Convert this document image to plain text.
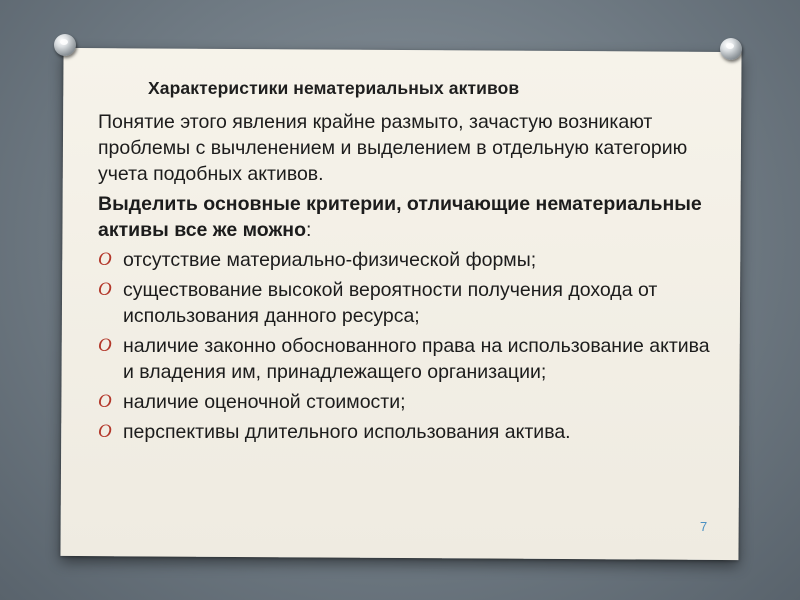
Характеристики нематериальных активов

Понятие этого явления крайне размыто, зачастую возникают проблемы с вычленением и выделением в отдельную категорию учета подобных активов.

Выделить основные критерии, отличающие нематериальные активы все же можно:

O отсутствие материально-физической формы;
O существование высокой вероятности получения дохода от использования данного ресурса;
O наличие законно обоснованного права на использование актива и владения им, принадлежащего организации;
O наличие оценочной стоимости;
O перспективы длительного использования актива.
7
